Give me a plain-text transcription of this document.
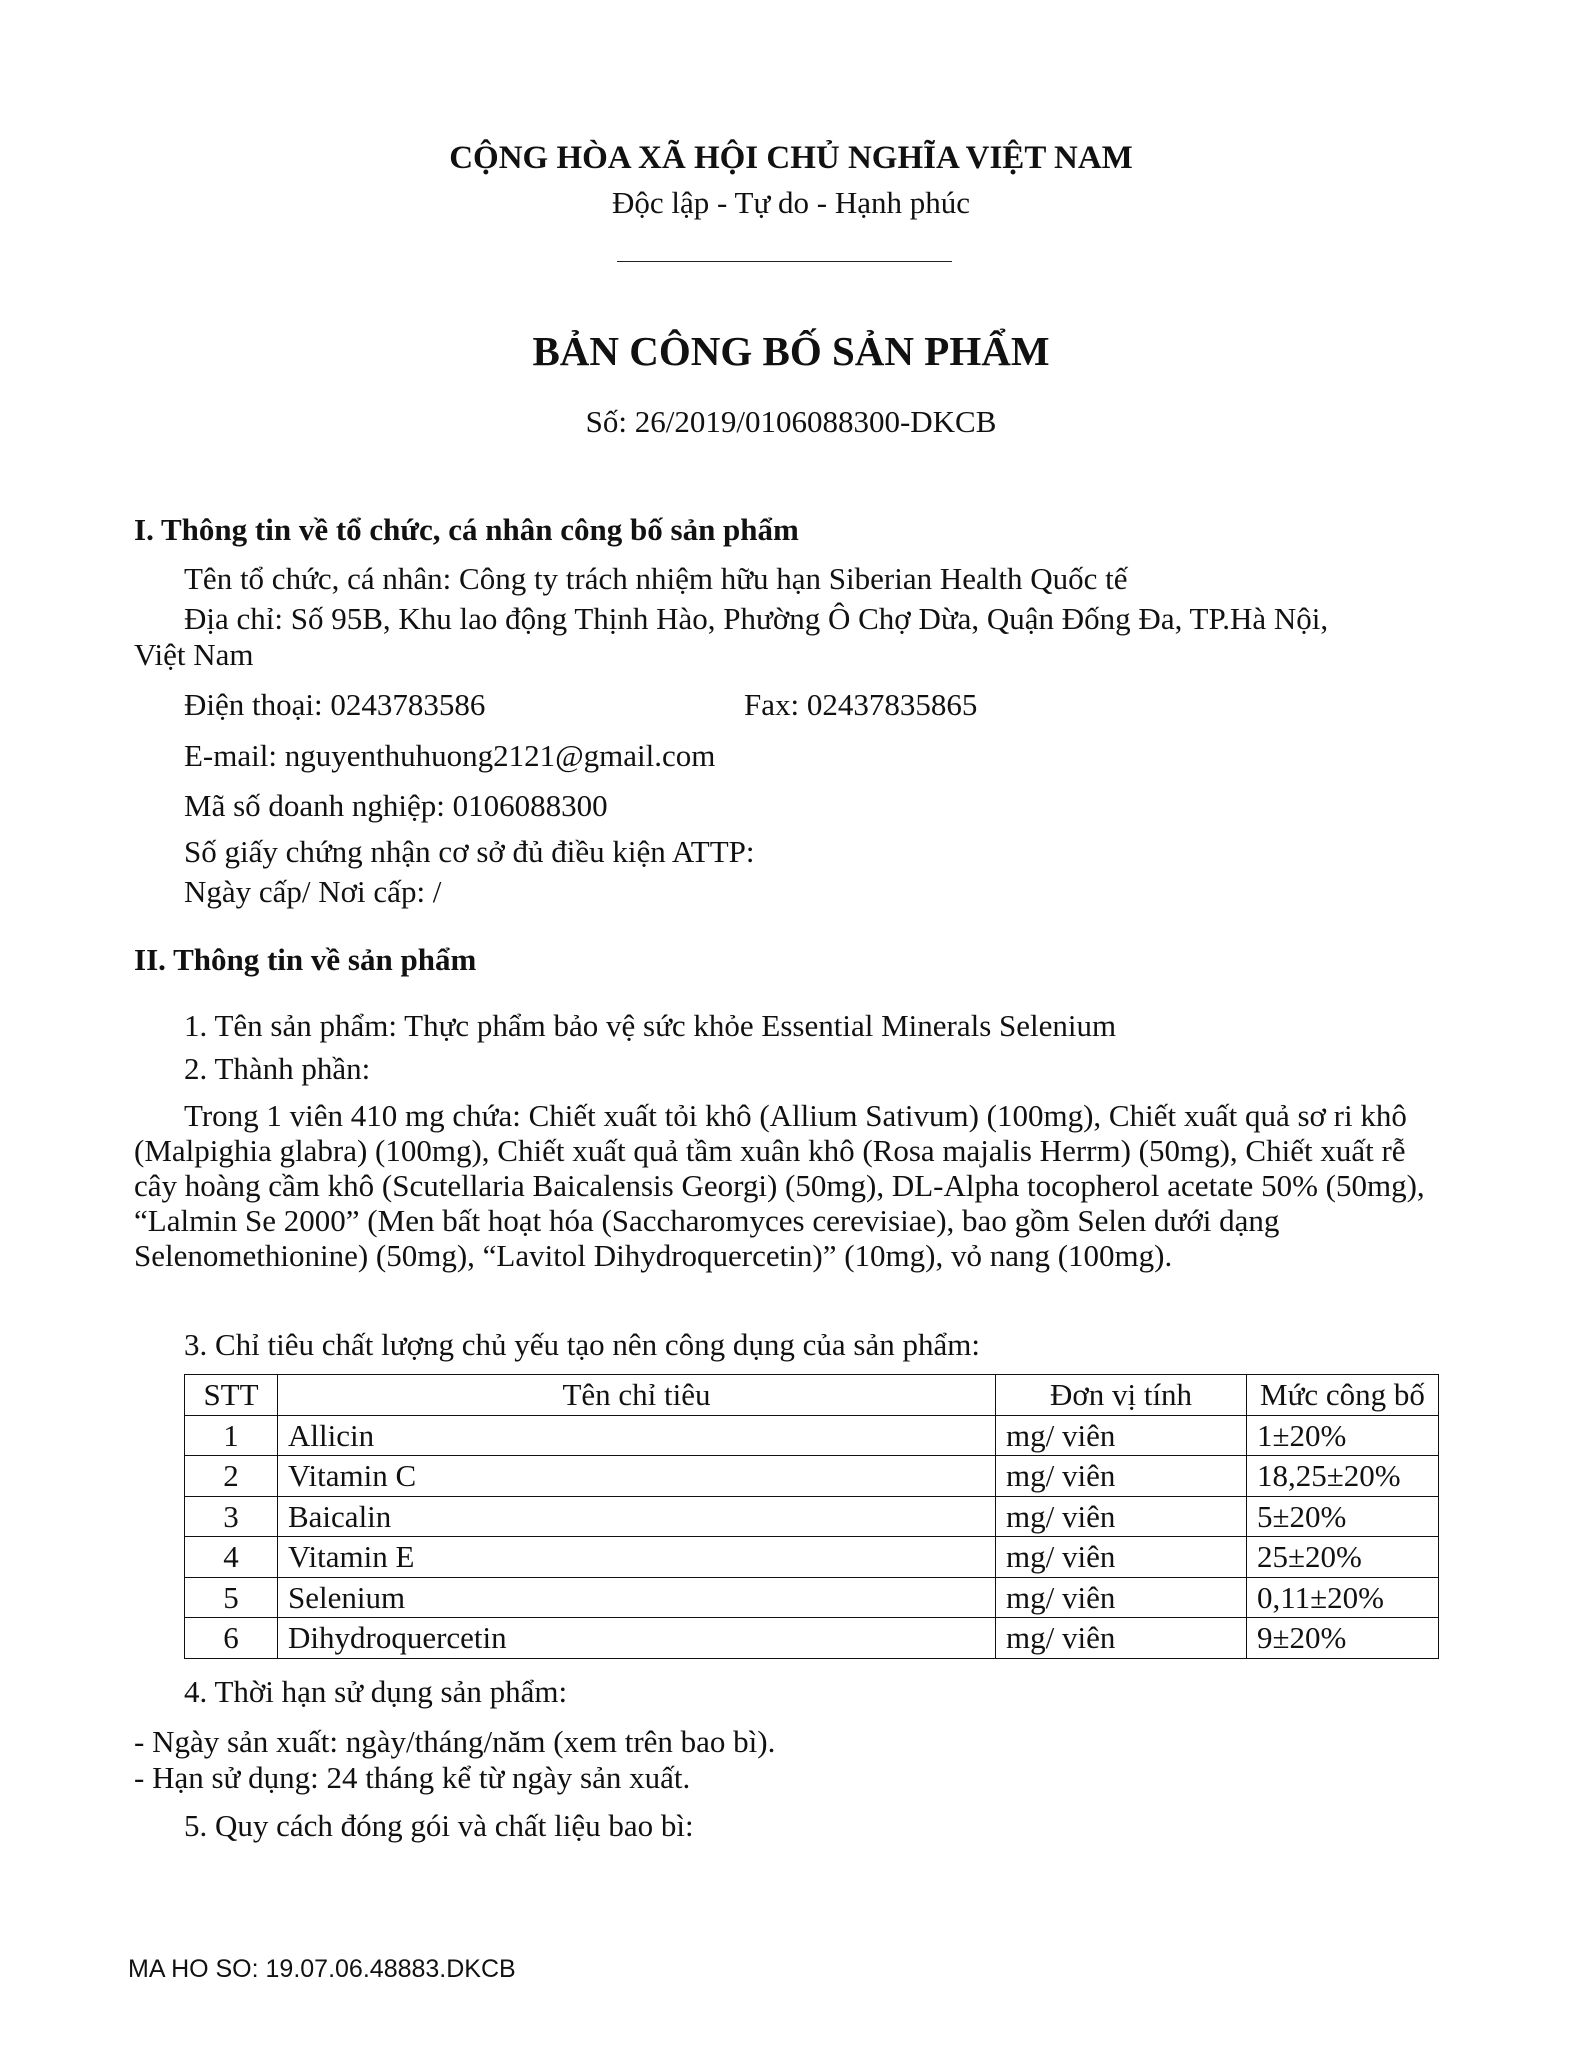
CỘNG HÒA XÃ HỘI CHỦ NGHĨA VIỆT NAM
Độc lập - Tự do - Hạnh phúc
BẢN CÔNG BỐ SẢN PHẨM
Số: 26/2019/0106088300-DKCB
I. Thông tin về tổ chức, cá nhân công bố sản phẩm
Tên tổ chức, cá nhân: Công ty trách nhiệm hữu hạn Siberian Health Quốc tế
Địa chỉ: Số 95B, Khu lao động Thịnh Hào, Phường Ô Chợ Dừa, Quận Đống Đa, TP.Hà Nội,
Việt Nam
Điện thoại: 0243783586	Fax: 02437835865
E-mail: nguyenthuhuong2121@gmail.com
Mã số doanh nghiệp: 0106088300
Số giấy chứng nhận cơ sở đủ điều kiện ATTP:
Ngày cấp/ Nơi cấp: /
II. Thông tin về sản phẩm
1. Tên sản phẩm: Thực phẩm bảo vệ sức khỏe Essential Minerals Selenium
2. Thành phần:
Trong 1 viên 410 mg chứa: Chiết xuất tỏi khô (Allium Sativum) (100mg), Chiết xuất quả sơ ri khô (Malpighia glabra) (100mg), Chiết xuất quả tầm xuân khô (Rosa majalis Herrm) (50mg), Chiết xuất rễ cây hoàng cầm khô (Scutellaria Baicalensis Georgi) (50mg), DL-Alpha tocopherol acetate 50% (50mg), “Lalmin Se 2000” (Men bất hoạt hóa (Saccharomyces cerevisiae), bao gồm Selen dưới dạng Selenomethionine) (50mg), “Lavitol Dihydroquercetin)” (10mg), vỏ nang (100mg).
3. Chỉ tiêu chất lượng chủ yếu tạo nên công dụng của sản phẩm:
STT	Tên chỉ tiêu	Đơn vị tính	Mức công bố
1	Allicin	mg/ viên	1±20%
2	Vitamin C	mg/ viên	18,25±20%
3	Baicalin	mg/ viên	5±20%
4	Vitamin E	mg/ viên	25±20%
5	Selenium	mg/ viên	0,11±20%
6	Dihydroquercetin	mg/ viên	9±20%
4. Thời hạn sử dụng sản phẩm:
- Ngày sản xuất: ngày/tháng/năm (xem trên bao bì).
- Hạn sử dụng: 24 tháng kể từ ngày sản xuất.
5. Quy cách đóng gói và chất liệu bao bì:
MA HO SO: 19.07.06.48883.DKCB
